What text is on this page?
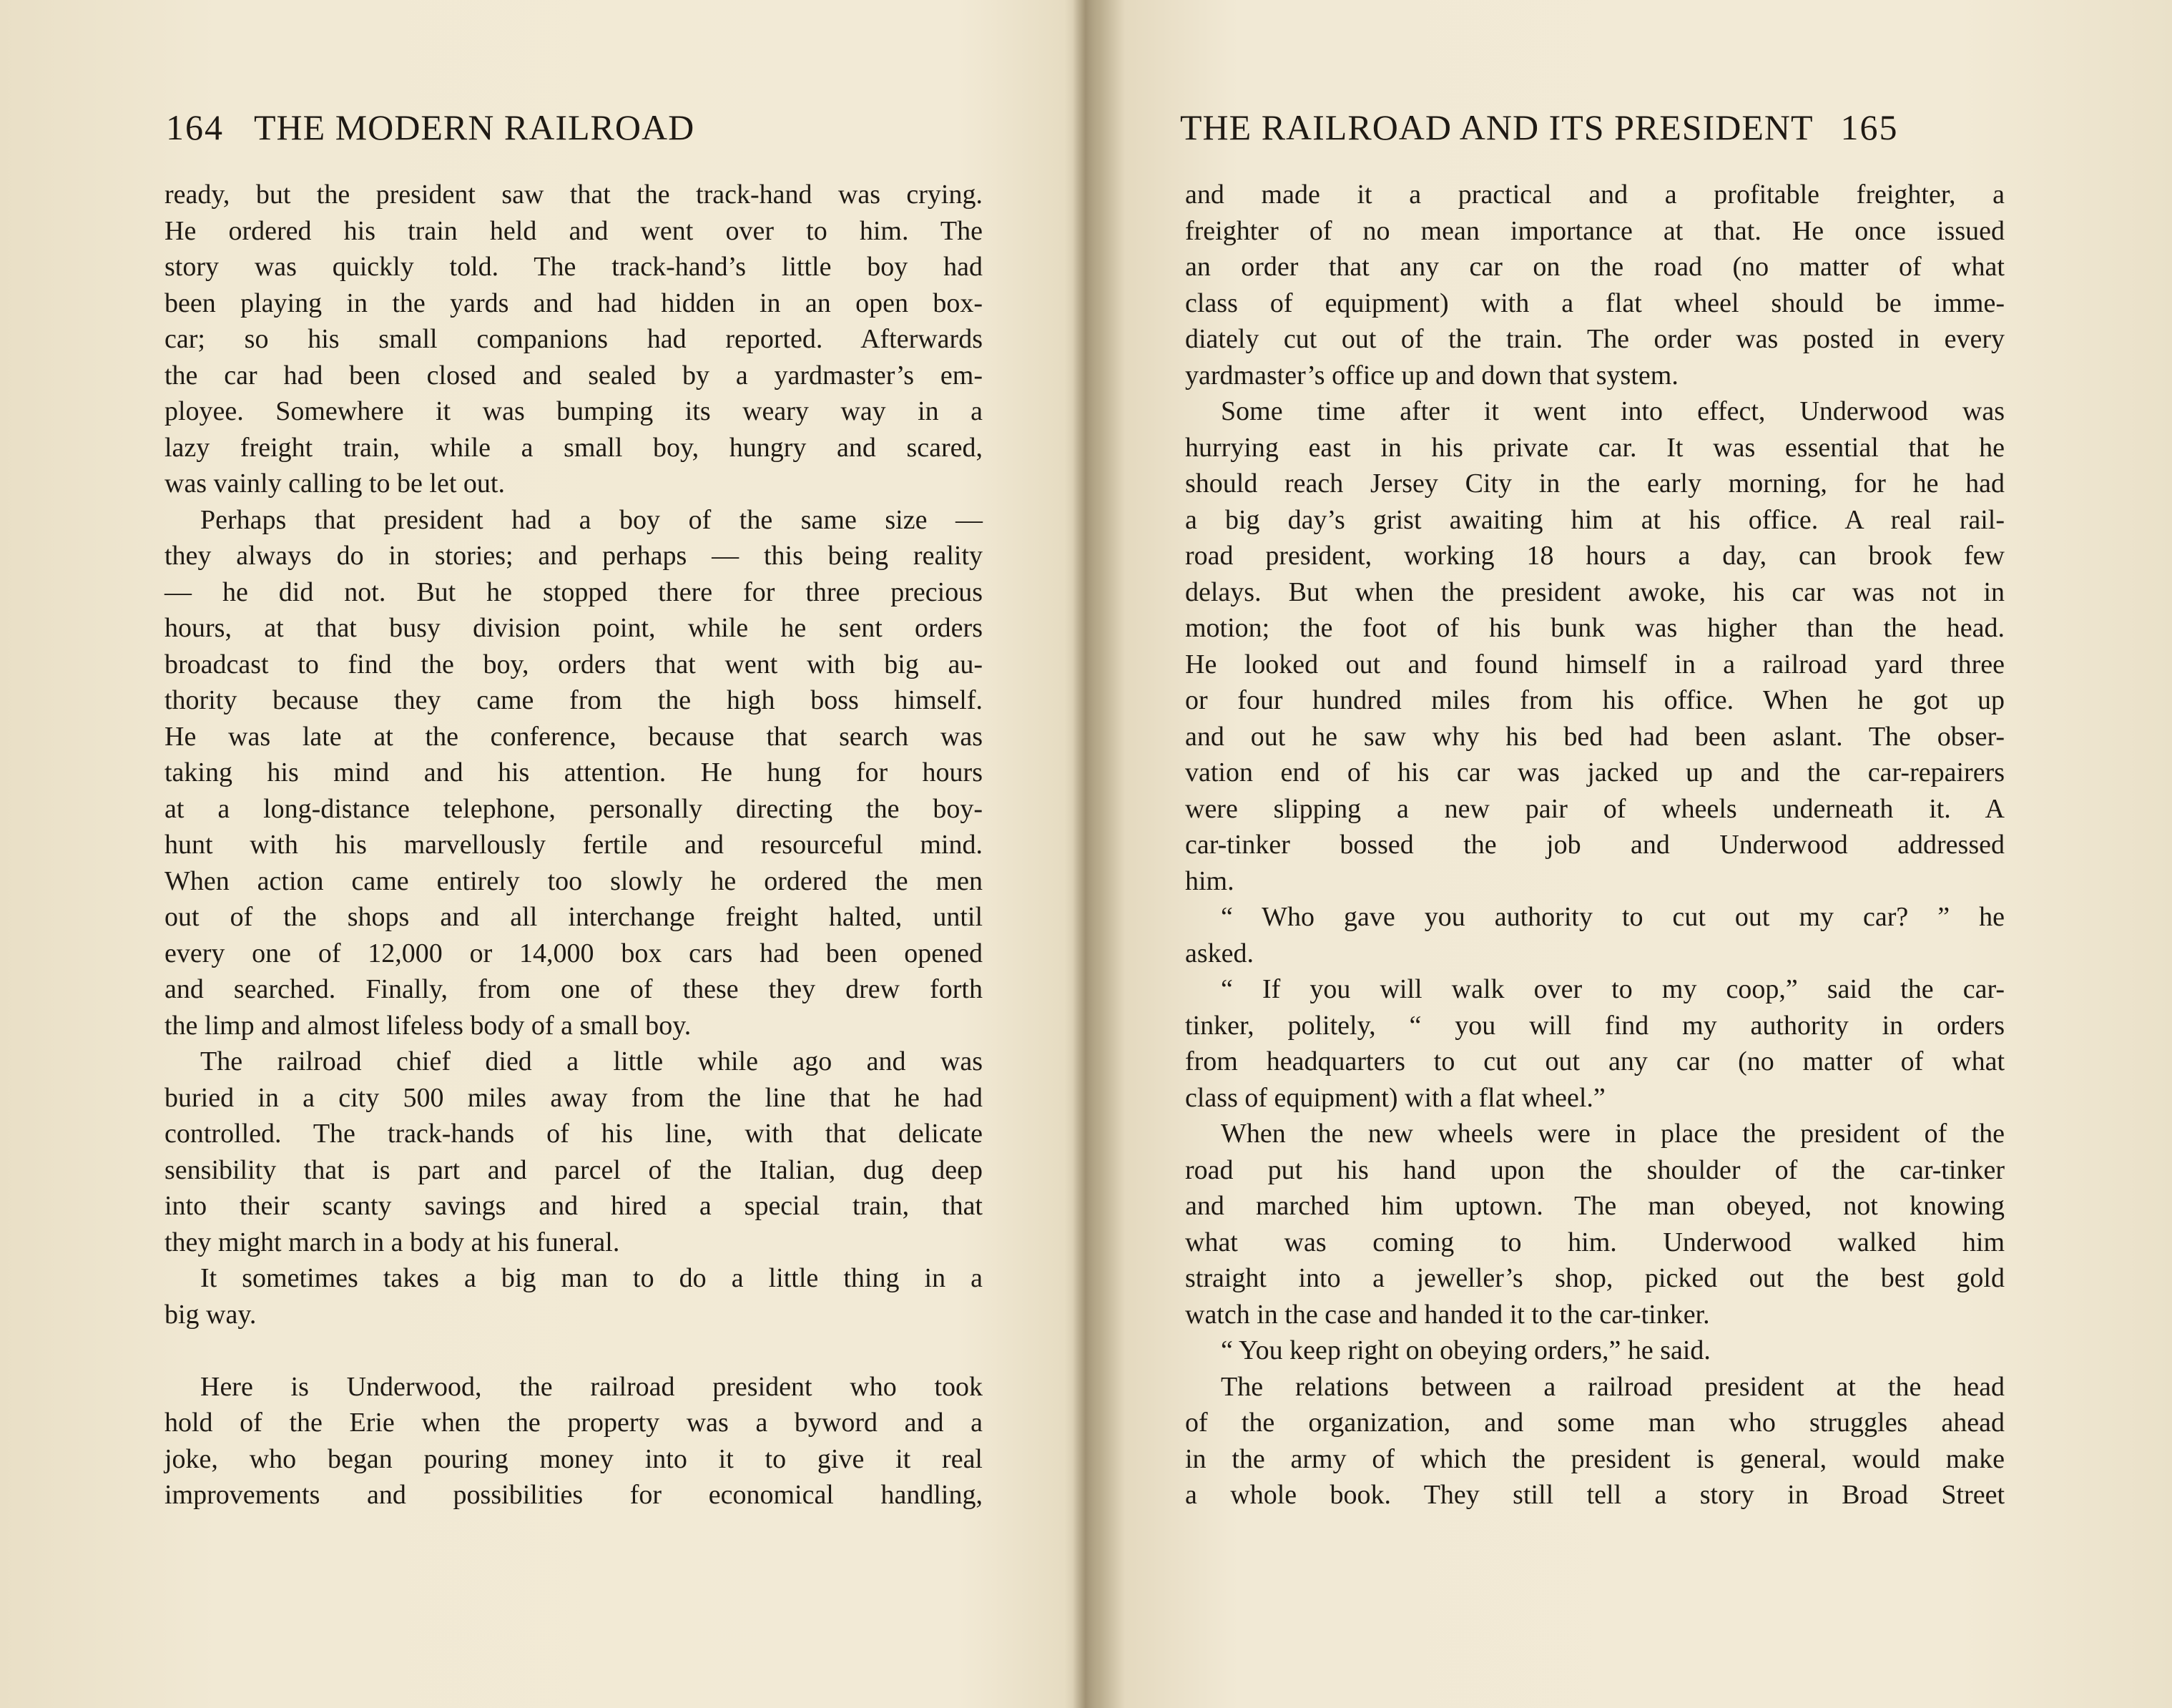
164 THE MODERN RAILROAD
ready, but the president saw that the track-hand was crying.
He ordered his train held and went over to him. The
story was quickly told. The track-hand’s little boy had
been playing in the yards and had hidden in an open box-
car; so his small companions had reported. Afterwards
the car had been closed and sealed by a yardmaster’s em-
ployee. Somewhere it was bumping its weary way in a
lazy freight train, while a small boy, hungry and scared,
was vainly calling to be let out.
Perhaps that president had a boy of the same size —
they always do in stories; and perhaps — this being reality
— he did not. But he stopped there for three precious
hours, at that busy division point, while he sent orders
broadcast to find the boy, orders that went with big au-
thority because they came from the high boss himself.
He was late at the conference, because that search was
taking his mind and his attention. He hung for hours
at a long-distance telephone, personally directing the boy-
hunt with his marvellously fertile and resourceful mind.
When action came entirely too slowly he ordered the men
out of the shops and all interchange freight halted, until
every one of 12,000 or 14,000 box cars had been opened
and searched. Finally, from one of these they drew forth
the limp and almost lifeless body of a small boy.
The railroad chief died a little while ago and was
buried in a city 500 miles away from the line that he had
controlled. The track-hands of his line, with that delicate
sensibility that is part and parcel of the Italian, dug deep
into their scanty savings and hired a special train, that
they might march in a body at his funeral.
It sometimes takes a big man to do a little thing in a
big way.
Here is Underwood, the railroad president who took
hold of the Erie when the property was a byword and a
joke, who began pouring money into it to give it real
improvements and possibilities for economical handling,
THE RAILROAD AND ITS PRESIDENT 165
and made it a practical and a profitable freighter, a
freighter of no mean importance at that. He once issued
an order that any car on the road (no matter of what
class of equipment) with a flat wheel should be imme-
diately cut out of the train. The order was posted in every
yardmaster’s office up and down that system.
Some time after it went into effect, Underwood was
hurrying east in his private car. It was essential that he
should reach Jersey City in the early morning, for he had
a big day’s grist awaiting him at his office. A real rail-
road president, working 18 hours a day, can brook few
delays. But when the president awoke, his car was not in
motion; the foot of his bunk was higher than the head.
He looked out and found himself in a railroad yard three
or four hundred miles from his office. When he got up
and out he saw why his bed had been aslant. The obser-
vation end of his car was jacked up and the car-repairers
were slipping a new pair of wheels underneath it. A
car-tinker bossed the job and Underwood addressed
him.
“ Who gave you authority to cut out my car? ” he
asked.
“ If you will walk over to my coop,” said the car-
tinker, politely, “ you will find my authority in orders
from headquarters to cut out any car (no matter of what
class of equipment) with a flat wheel.”
When the new wheels were in place the president of the
road put his hand upon the shoulder of the car-tinker
and marched him uptown. The man obeyed, not knowing
what was coming to him. Underwood walked him
straight into a jeweller’s shop, picked out the best gold
watch in the case and handed it to the car-tinker.
“ You keep right on obeying orders,” he said.
The relations between a railroad president at the head
of the organization, and some man who struggles ahead
in the army of which the president is general, would make
a whole book. They still tell a story in Broad Street
